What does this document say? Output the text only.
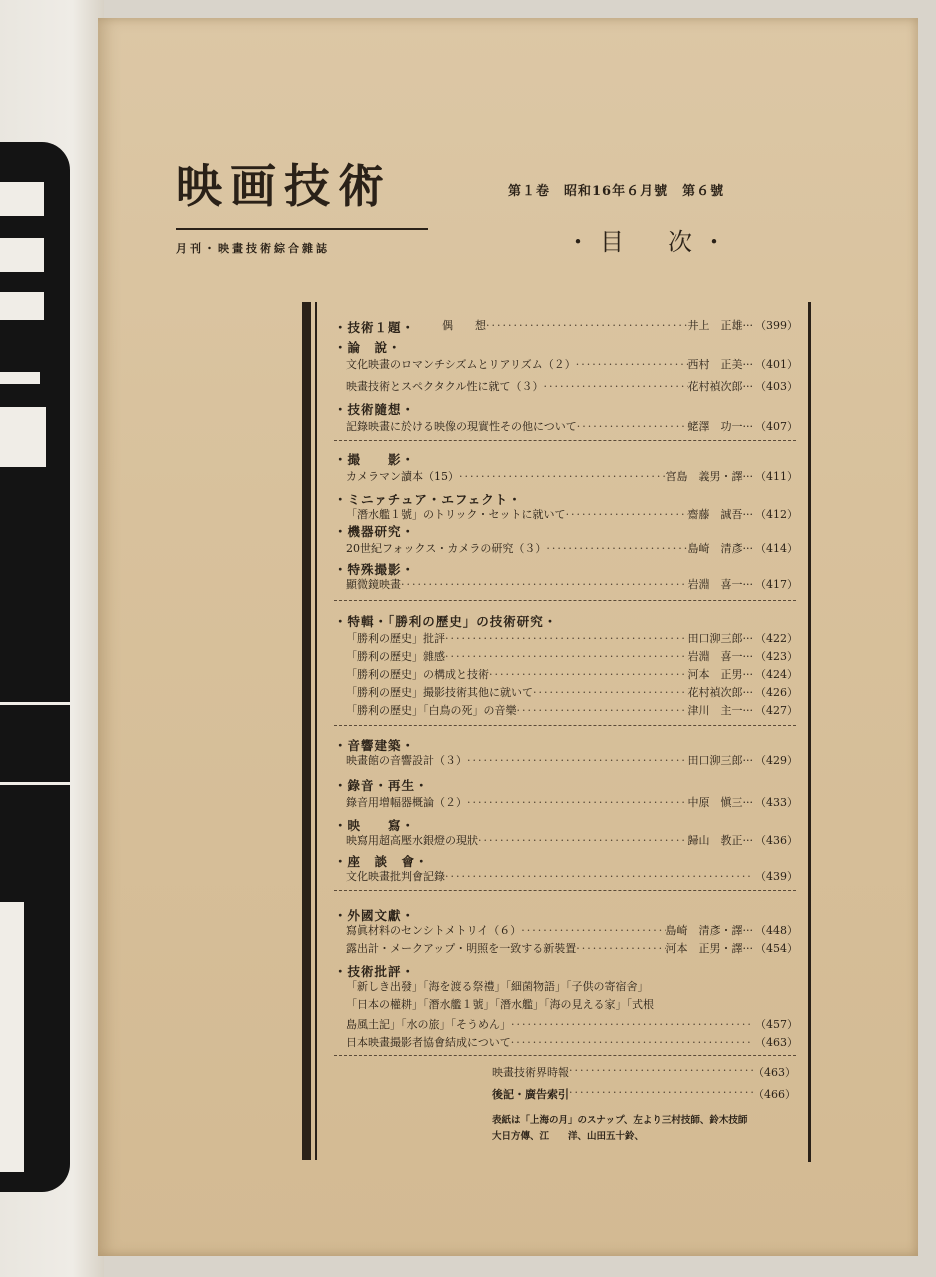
映画技術
月刊・映畫技術綜合雜誌
第１卷　昭和16年６月號　第６號
・目　次・
・技術１題・ 偶　　想 ·····	井上　正雄··· （399）
・論　說・
文化映畫のロマンチシズムとリアリズム（２） ·····	西村　正美··· （401）
映畫技術とスペクタクル性に就て（３） ·····	花村禎次郎··· （403）
・技術隨想・
記錄映畫に於ける映像の現實性その他について ·····	蛯澤　功一··· （407）
・撮　　影・
カメラマン讀本（15） ·····	宮島　義男・譯··· （411）
・ミニァチュア・エフェクト・
「潛水艦１號」のトリック・セットに就いて ·····	齋藤　誠吾··· （412）
・機器研究・
20世紀フォックス・カメラの研究（３） ·····	島崎　清彥··· （414）
・特殊撮影・
顯微鏡映畫 ·····	岩淵　喜一··· （417）
・特輯・「勝利の歷史」の技術研究・
「勝利の歷史」批評 ·····	田口泖三郎··· （422）
「勝利の歷史」雜感 ·····	岩淵　喜一··· （423）
「勝利の歷史」の構成と技術 ·····	河本　正男··· （424）
「勝利の歷史」撮影技術其他に就いて ·····	花村禎次郎··· （426）
「勝利の歷史」「白鳥の死」の音樂 ·····	津川　主一··· （427）
・音響建築・
映畫館の音響設計（３） ·····	田口泖三郎··· （429）
・錄音・再生・
錄音用增幅器概論（２） ·····	中原　愼三··· （433）
・映　　寫・
映寫用超高壓水銀燈の現狀 ·····	歸山　教正··· （436）
・座　談　會・
文化映畫批判會記錄 ·····	（439）
・外國文獻・
寫眞材料のセンシトメトリイ（６） ·····	島崎　清彥・譯··· （448）
露出計・メークアップ・明照を一致する新裝置 ·····	河本　正男・譯··· （454）
・技術批評・
「新しき出發」「海を渡る祭禮」「細菌物語」「子供の寄宿舍」
「日本の權耕」「潛水艦１號」「潛水艦」「海の見える家」「式根
島風土記」「水の旅」「そうめん」 ·····	（457）
日本映畫撮影者協會結成について ·····	（463）
映畫技術界時報 ·····	（463）
後記・廣告索引 ·····	（466）
表紙は「上海の月」のスナップ、左より三村技師、鈴木技師
大日方傳、江　　洋、山田五十鈴、
